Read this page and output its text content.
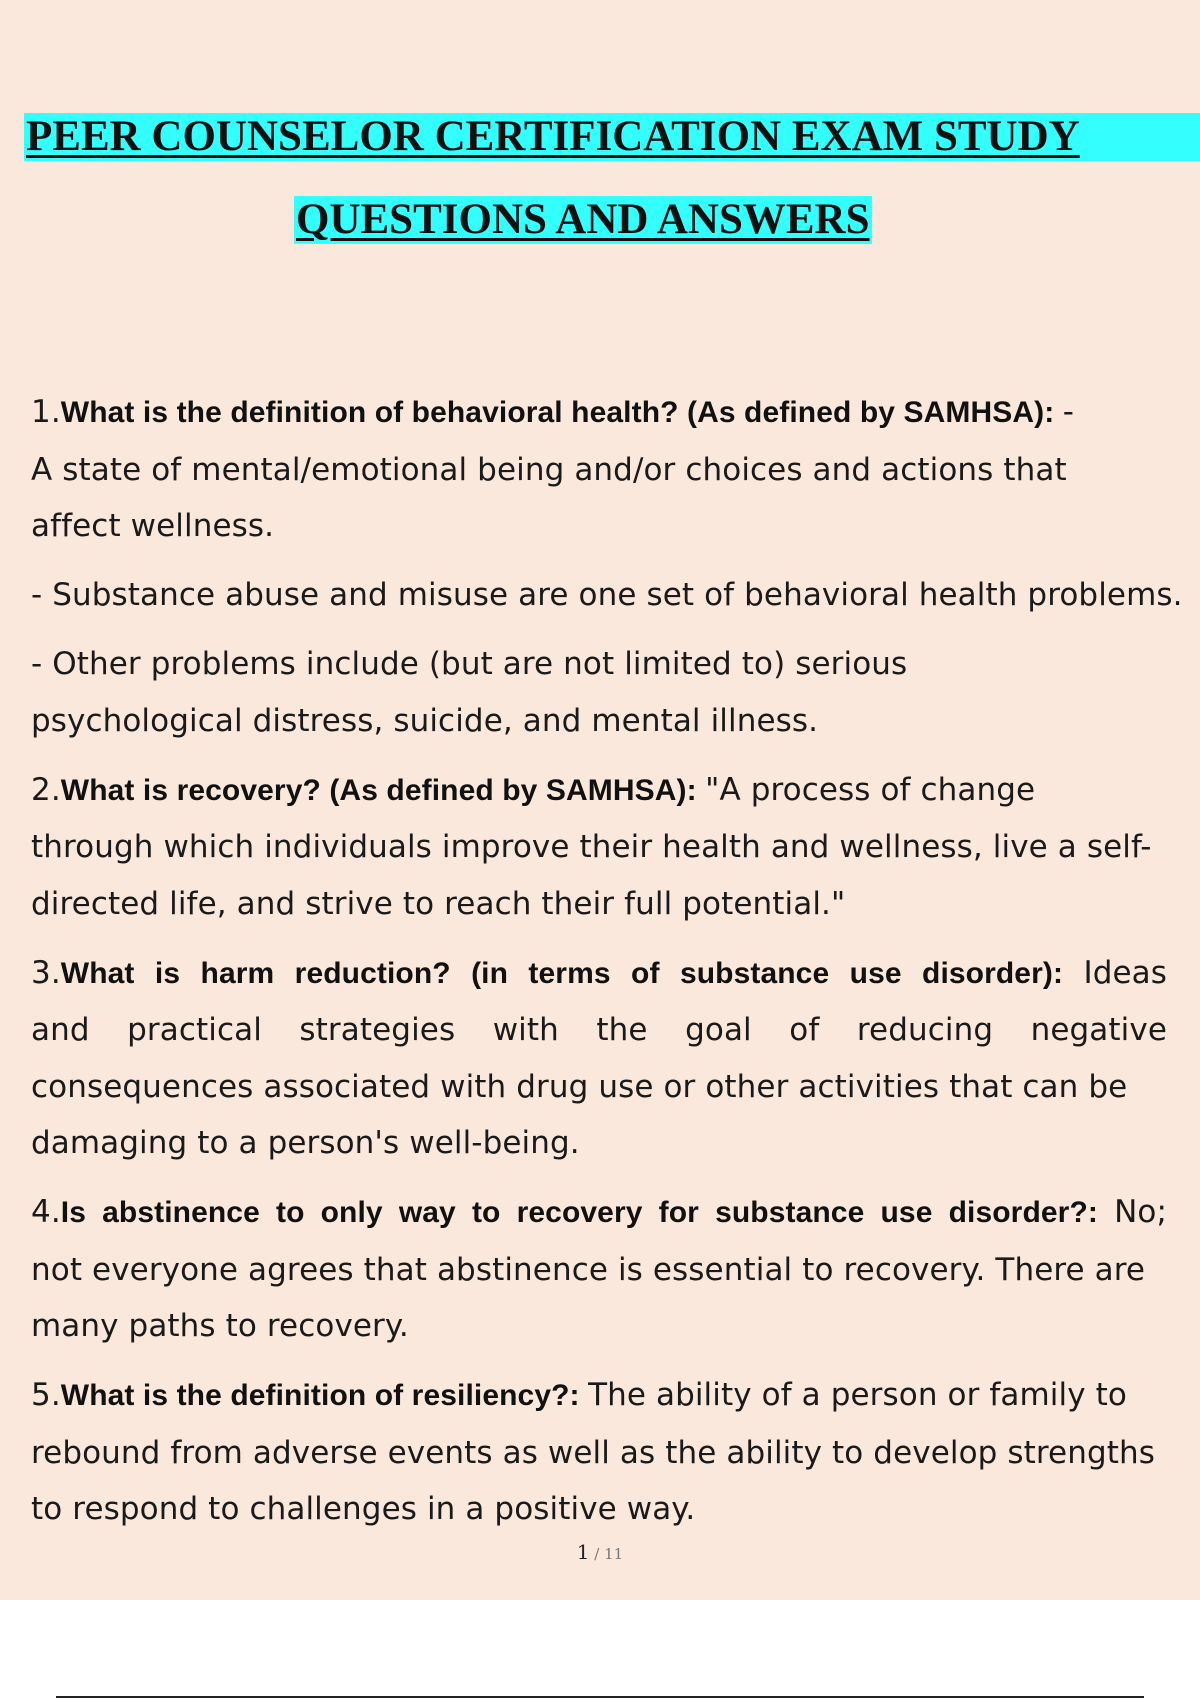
PEER COUNSELOR CERTIFICATION EXAM STUDY
QUESTIONS AND ANSWERS
1.What is the definition of behavioral health? (As defined by SAMHSA): -
A state of mental/emotional being and/or choices and actions that
affect wellness.
- Substance abuse and misuse are one set of behavioral health problems.
- Other problems include (but are not limited to) serious
psychological distress, suicide, and mental illness.
2.What is recovery? (As defined by SAMHSA): "A process of change
through which individuals improve their health and wellness, live a self-
directed life, and strive to reach their full potential."
3.What is harm reduction? (in terms of substance use disorder): Ideas
and practical strategies with the goal of reducing negative
consequences associated with drug use or other activities that can be
damaging to a person's well-being.
4.Is abstinence to only way to recovery for substance use disorder?: No;
not everyone agrees that abstinence is essential to recovery. There are
many paths to recovery.
5.What is the definition of resiliency?: The ability of a person or family to
rebound from adverse events as well as the ability to develop strengths
to respond to challenges in a positive way.
1 / 11
